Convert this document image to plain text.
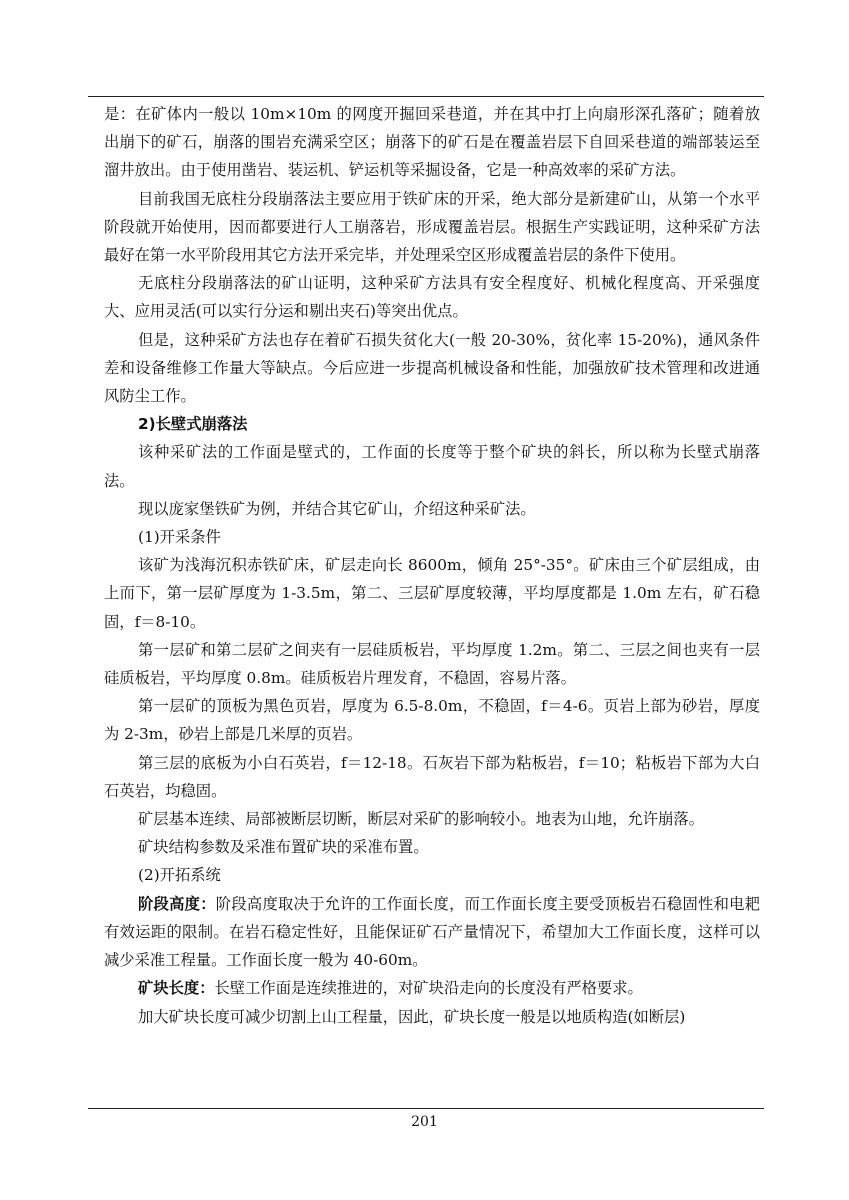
是：在矿体内一般以 10m×10m 的网度开掘回采巷道，并在其中打上向扇形深孔落矿；随着放出崩下的矿石，崩落的围岩充满采空区；崩落下的矿石是在覆盖岩层下自回采巷道的端部装运至溜井放出。由于使用凿岩、装运机、铲运机等采掘设备，它是一种高效率的采矿方法。

目前我国无底柱分段崩落法主要应用于铁矿床的开采，绝大部分是新建矿山，从第一个水平阶段就开始使用，因而都要进行人工崩落岩，形成覆盖岩层。根据生产实践证明，这种采矿方法最好在第一水平阶段用其它方法开采完毕，并处理采空区形成覆盖岩层的条件下使用。

无底柱分段崩落法的矿山证明，这种采矿方法具有安全程度好、机械化程度高、开采强度大、应用灵活(可以实行分运和剔出夹石)等突出优点。

但是，这种采矿方法也存在着矿石损失贫化大(一般 20-30%，贫化率 15-20%)，通风条件差和设备维修工作量大等缺点。今后应进一步提高机械设备和性能，加强放矿技术管理和改进通风防尘工作。

2)长壁式崩落法

该种采矿法的工作面是壁式的，工作面的长度等于整个矿块的斜长，所以称为长壁式崩落法。

现以庞家堡铁矿为例，并结合其它矿山，介绍这种采矿法。

(1)开采条件

该矿为浅海沉积赤铁矿床，矿层走向长 8600m，倾角 25°-35°。矿床由三个矿层组成，由上而下，第一层矿厚度为 1-3.5m，第二、三层矿厚度较薄，平均厚度都是 1.0m 左右，矿石稳固，f＝8-10。

第一层矿和第二层矿之间夹有一层硅质板岩，平均厚度 1.2m。第二、三层之间也夹有一层硅质板岩，平均厚度 0.8m。硅质板岩片理发育，不稳固，容易片落。

第一层矿的顶板为黑色页岩，厚度为 6.5-8.0m，不稳固，f＝4-6。页岩上部为砂岩，厚度为 2-3m，砂岩上部是几米厚的页岩。

第三层的底板为小白石英岩，f＝12-18。石灰岩下部为粘板岩，f＝10；粘板岩下部为大白石英岩，均稳固。

矿层基本连续、局部被断层切断，断层对采矿的影响较小。地表为山地，允许崩落。

矿块结构参数及采准布置矿块的采准布置。

(2)开拓系统

阶段高度：阶段高度取决于允许的工作面长度，而工作面长度主要受顶板岩石稳固性和电耙有效运距的限制。在岩石稳定性好，且能保证矿石产量情况下，希望加大工作面长度，这样可以减少采准工程量。工作面长度一般为 40-60m。

矿块长度：长壁工作面是连续推进的，对矿块沿走向的长度没有严格要求。

加大矿块长度可减少切割上山工程量，因此，矿块长度一般是以地质构造(如断层)

201
